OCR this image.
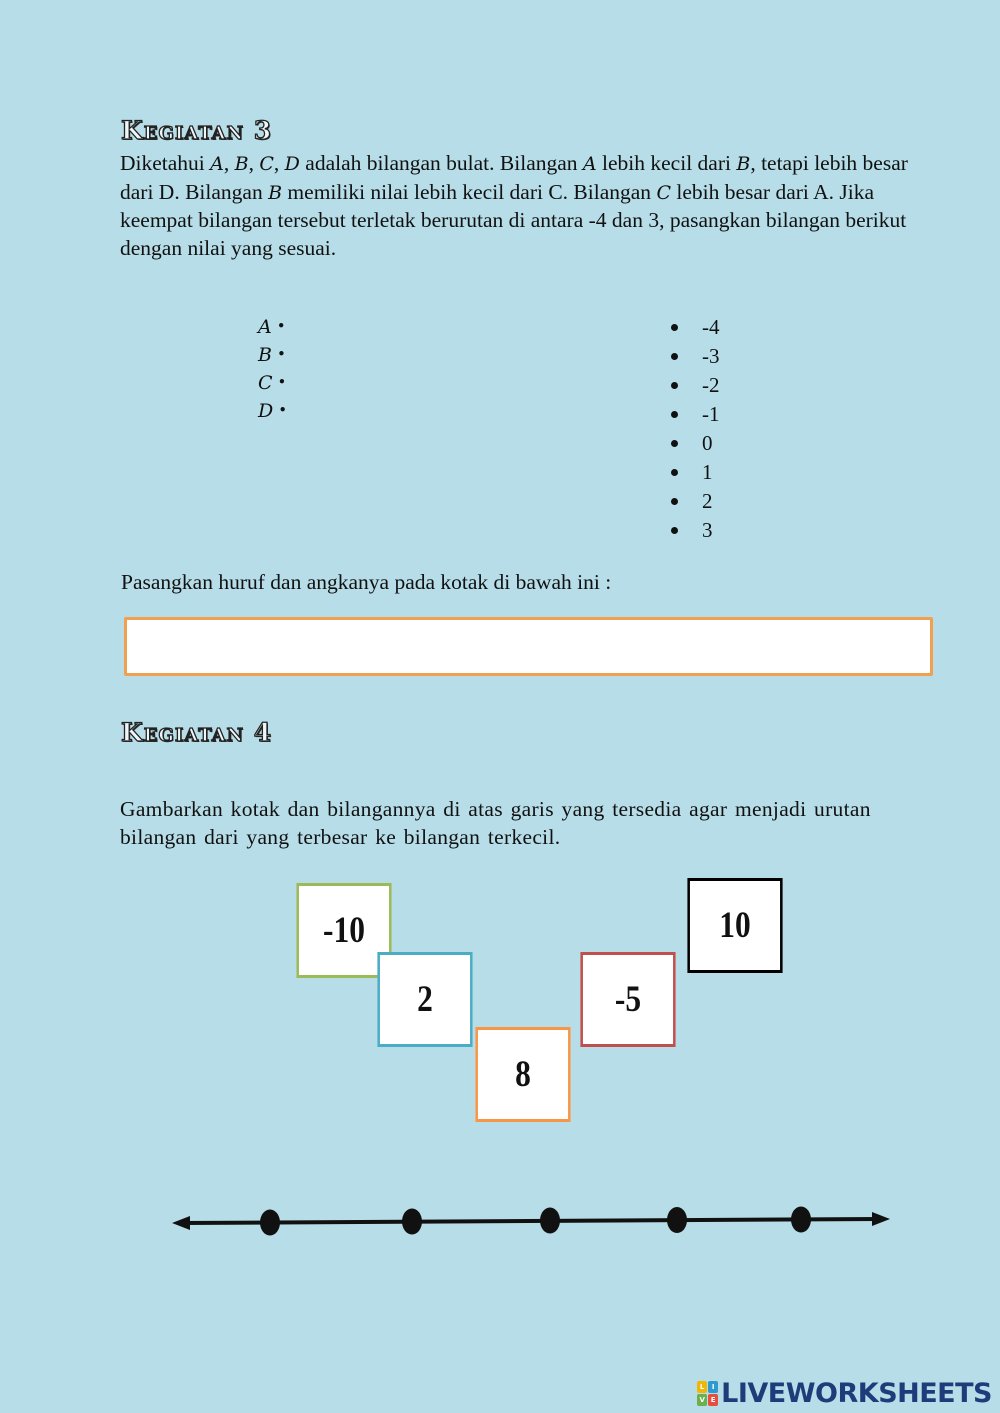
Kegiatan 3

Diketahui A, B, C, D adalah bilangan bulat. Bilangan A lebih kecil dari B, tetapi lebih besar dari D. Bilangan B memiliki nilai lebih kecil dari C. Bilangan C lebih besar dari A. Jika keempat bilangan tersebut terletak berurutan di antara -4 dan 3, pasangkan bilangan berikut dengan nilai yang sesuai.

A •
B •
C •
D •
-4
-3
-2
-1
0
1
2
3
Pasangkan huruf dan angkanya pada kotak di bawah ini :
Kegiatan 4

Gambarkan kotak dan bilangannya di atas garis yang tersedia agar menjadi urutan bilangan dari yang terbesar ke bilangan terkecil.

-10
2	-5
8
10
L	I
V E LIVEWORKSHEETS
